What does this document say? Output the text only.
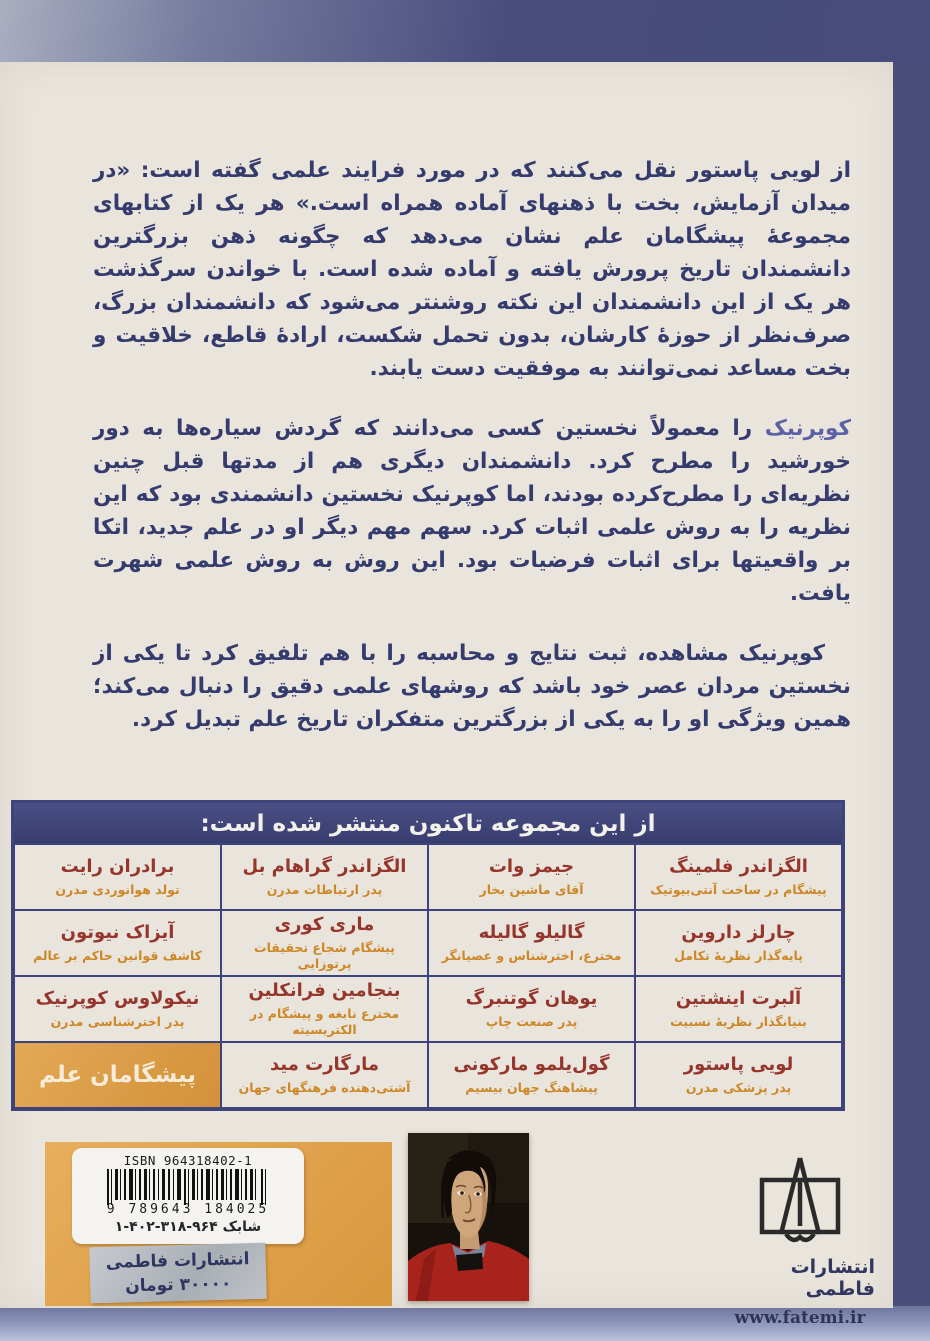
از لویی پاستور نقل می‌کنند که در مورد فرایند علمی گفته است: «در میدان آزمایش، بخت با ذهنهای آماده همراه است.» هر یک از کتابهای مجموعهٔ پیشگامان علم نشان می‌دهد که چگونه ذهن بزرگترین دانشمندان تاریخ پرورش یافته و آماده شده است. با خواندن سرگذشت هر یک از این دانشمندان این نکته روشنتر می‌شود که دانشمندان بزرگ، صرف‌نظر از حوزهٔ کارشان، بدون تحمل شکست، ارادهٔ قاطع، خلاقیت و بخت مساعد نمی‌توانند به موفقیت دست یابند.

کوپرنیک را معمولاً نخستین کسی می‌دانند که گردش سیاره‌ها به دور خورشید را مطرح کرد. دانشمندان دیگری هم از مدتها قبل چنین نظریه‌ای را مطرح‌کرده بودند، اما کوپرنیک نخستین دانشمندی بود که این نظریه را به روش علمی اثبات کرد. سهم مهم دیگر او در علم جدید، اتکا بر واقعیتها برای اثبات فرضیات بود. این روش به روش علمی شهرت یافت.

کوپرنیک مشاهده، ثبت نتایج و محاسبه را با هم تلفیق کرد تا یکی از نخستین مردان عصر خود باشد که روشهای علمی دقیق را دنبال می‌کند؛ همین ویژگی او را به یکی از بزرگترین متفکران تاریخ علم تبدیل کرد.

از این مجموعه تاکنون منتشر شده است:
الگزاندر فلمینگ
پیشگام در ساخت آنتی‌بیوتیک
جیمز وات
آقای ماشین بخار
الگزاندر گراهام بل
پدر ارتباطات مدرن
برادران رایت
تولد هوانوردی مدرن
چارلز داروین
پایه‌گذار نظریهٔ تکامل
گالیلو گالیله
مخترع، اخترشناس و عصیانگر
ماری کوری
پیشگام شجاع تحقیقات پرتوزایی
آیزاک نیوتون
کاشف قوانین حاکم بر عالم
آلبرت اینشتین
بنیانگذار نظریهٔ نسبیت
یوهان گوتنبرگ
پدر صنعت چاپ
بنجامین فرانکلین
مخترع نابغه و پیشگام در الکتریسیته
نیکولاوس کوپرنیک
پدر اخترشناسی مدرن
لویی پاستور
پدر پزشکی مدرن
گول‌یلمو مارکونی
پیشاهنگ جهان بیسیم
مارگارت مید
آشتی‌دهنده فرهنگهای جهان
پیشگامان علم
ISBN 964318402-1
9 789643 184025
شابک ۹۶۴-۳۱۸-۴۰۲-۱
انتشارات فاطمی
۳۰۰۰۰ تومان
انتشارات فاطمی
www.fatemi.ir
